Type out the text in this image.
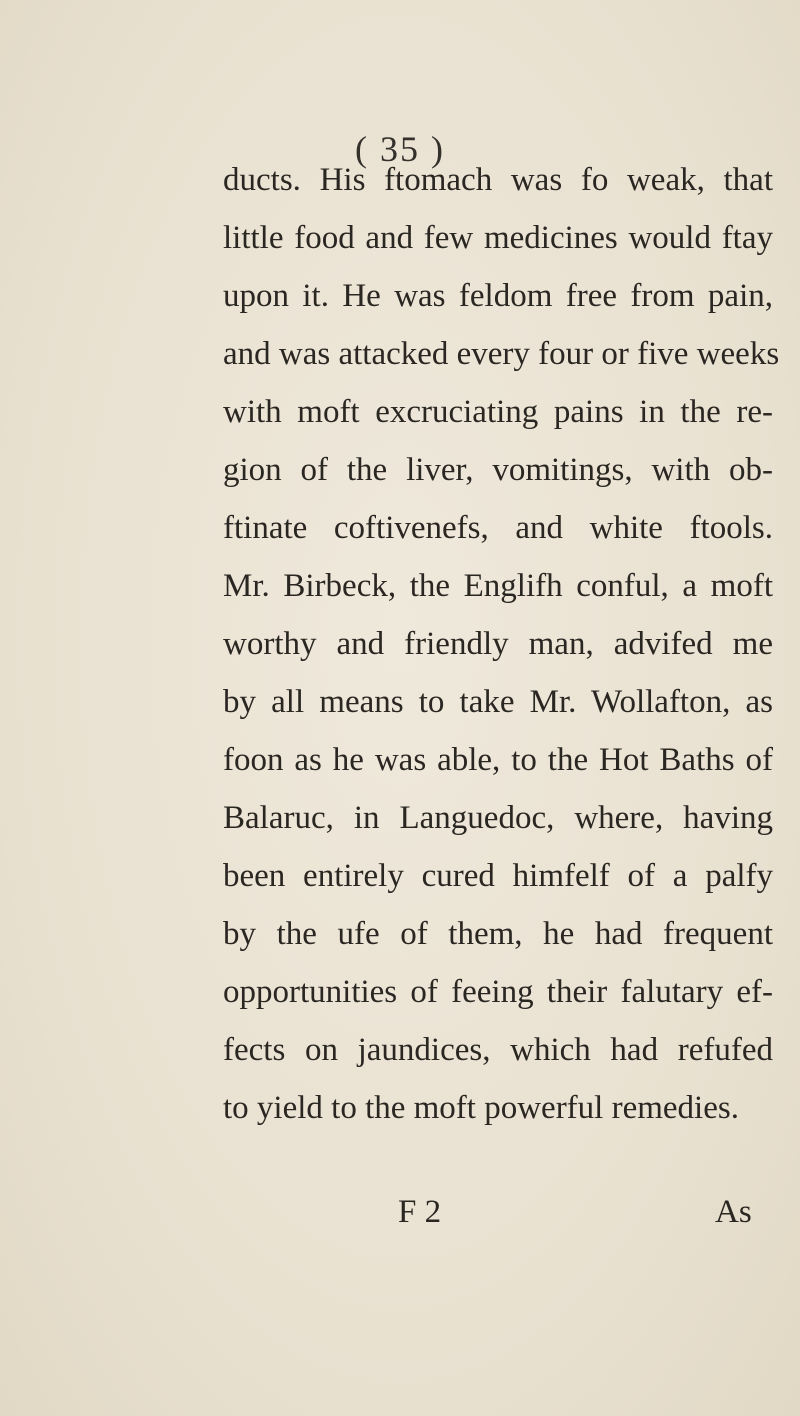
( 35 )
ducts. His ftomach was fo weak, that
little food and few medicines would ftay
upon it. He was feldom free from pain,
and was attacked every four or five weeks
with moft excruciating pains in the re-
gion of the liver, vomitings, with ob-
ftinate coftivenefs, and white ftools.
Mr. Birbeck, the Englifh conful, a moft
worthy and friendly man, advifed me
by all means to take Mr. Wollafton, as
foon as he was able, to the Hot Baths of
Balaruc, in Languedoc, where, having
been entirely cured himfelf of a palfy
by the ufe of them, he had frequent
opportunities of feeing their falutary ef-
fects on jaundices, which had refufed
to yield to the moft powerful remedies.
F 2	As
